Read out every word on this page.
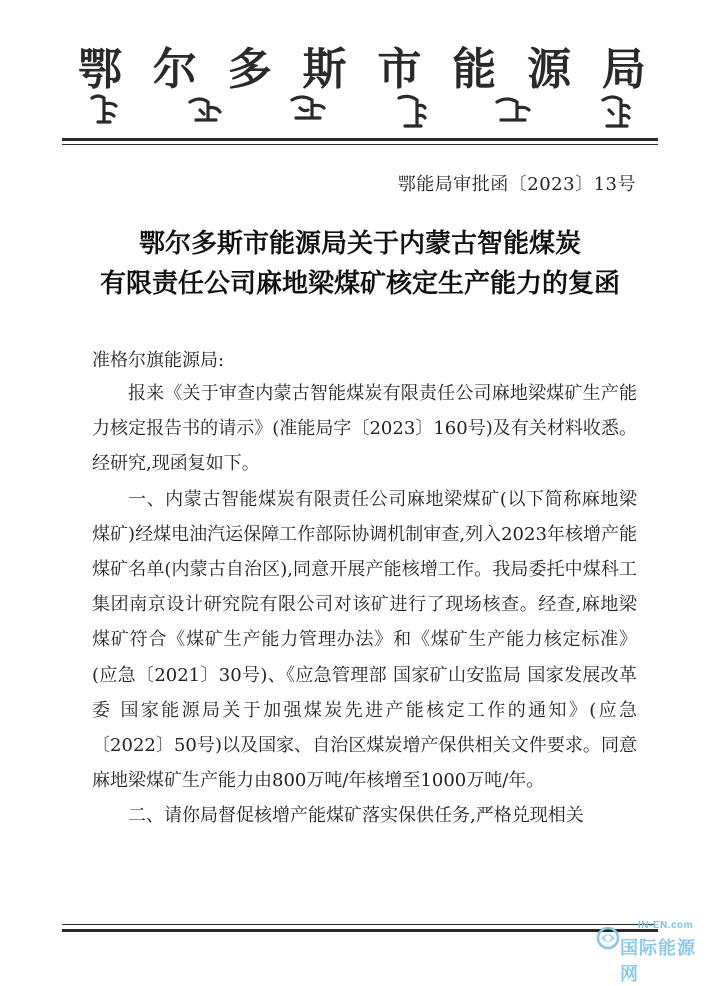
鄂 尔 多 斯 市 能 源 局
鄂能局审批函〔2023〕13号
鄂尔多斯市能源局关于内蒙古智能煤炭
有限责任公司麻地梁煤矿核定生产能力的复函
准格尔旗能源局:

报来《关于审查内蒙古智能煤炭有限责任公司麻地梁煤矿生产能力核定报告书的请示》(准能局字〔2023〕160号)及有关材料收悉。经研究,现函复如下。

一、内蒙古智能煤炭有限责任公司麻地梁煤矿(以下简称麻地梁煤矿)经煤电油汽运保障工作部际协调机制审查,列入2023年核增产能煤矿名单(内蒙古自治区),同意开展产能核增工作。我局委托中煤科工集团南京设计研究院有限公司对该矿进行了现场核查。经查,麻地梁煤矿符合《煤矿生产能力管理办法》和《煤矿生产能力核定标准》(应急〔2021〕30号)、《应急管理部 国家矿山安监局 国家发展改革委 国家能源局关于加强煤炭先进产能核定工作的通知》(应急〔2022〕50号)以及国家、自治区煤炭增产保供相关文件要求。同意麻地梁煤矿生产能力由800万吨/年核增至1000万吨/年。

二、请你局督促核增产能煤矿落实保供任务,严格兑现相关

IN-EN.com
国际能源网
